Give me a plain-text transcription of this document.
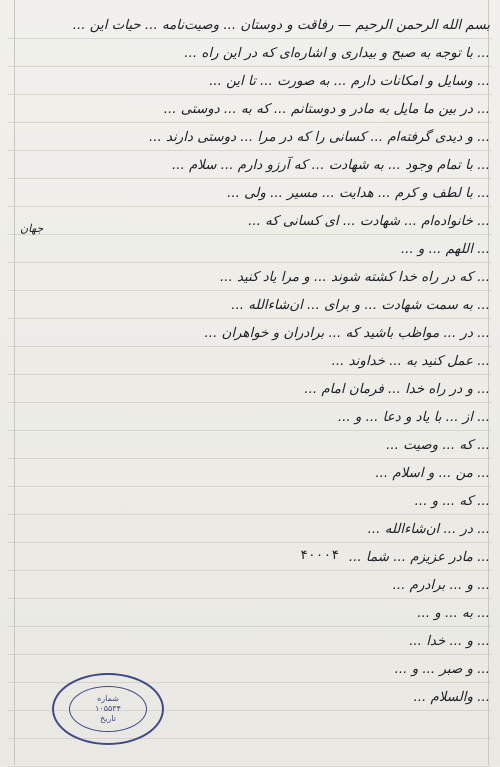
بسم الله الرحمن الرحیم — رفاقت و دوستان ... وصیت‌نامه ... حیات این ...
... با توجه به صبح و بیداری و اشاره‌ای که در این راه ...
... وسایل و امکانات دارم ... به صورت ... تا این ...
... در بین ما مایل به مادر و دوستانم ... که به ... دوستی ...
... و دیدی گرفته‌ام ... کسانی را که در مرا ... دوستی دارند ...
... با تمام وجود ... به شهادت ... که آرزو دارم ... سلام ...
... با لطف و کرم ... هدایت ... مسیر ... ولی ...
... خانواده‌ام ... شهادت ... ای کسانی که ...
... اللهم ... و ...
... که در راه خدا کشته شوند ... و مرا یاد کنید ...
... به سمت شهادت ... و برای ... ان‌شاءالله ...
... در ... مواظب باشید که ... برادران و خواهران ...
... عمل کنید به ... خداوند ...
... و در راه خدا ... فرمان امام ...
... از ... با یاد و دعا ... و ...
... که ... وصیت ...
... من ... و اسلام ...
... که ... و ...
... در ... ان‌شاءالله ...
... مادر عزیزم ... شما ...
... و ... برادرم ...
... به ... و ...
... و ... خدا ...
... و صبر ... و ...
... والسلام ...
جهان
۴۰۰۰۴
شماره
۱۰۵۵۳۴
تاریخ
